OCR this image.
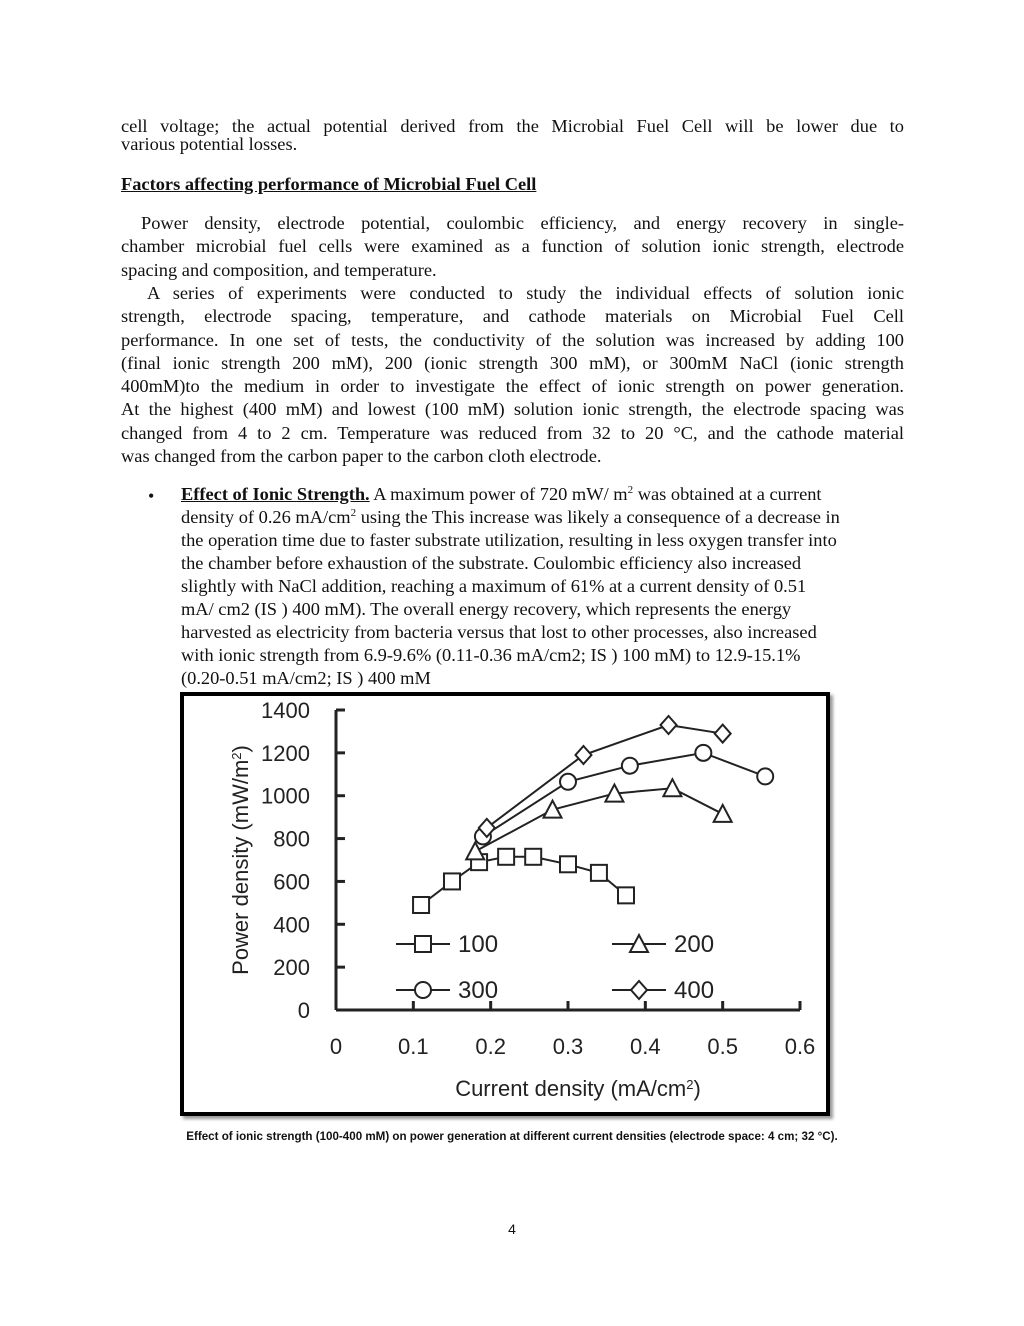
cell voltage; the actual potential derived from the Microbial Fuel Cell will be lower due to
various potential losses.
Factors affecting performance of Microbial Fuel Cell
Power density, electrode potential, coulombic efficiency, and energy recovery in single-
chamber microbial fuel cells were examined as a function of solution ionic strength, electrode
spacing and composition, and temperature.
A series of experiments were conducted to study the individual effects of solution ionic
strength, electrode spacing, temperature, and cathode materials on Microbial Fuel Cell
performance. In one set of tests, the conductivity of the solution was increased by adding 100
(final ionic strength 200 mM), 200 (ionic strength 300 mM), or 300mM NaCl (ionic strength
400mM)to the medium in order to investigate the effect of ionic strength on power generation.
At the highest (400 mM) and lowest (100 mM) solution ionic strength, the electrode spacing was
changed from 4 to 2 cm. Temperature was reduced from 32 to 20 °C, and the cathode material
was changed from the carbon paper to the carbon cloth electrode.
• Effect of Ionic Strength. A maximum power of 720 mW/ $m^2$ was obtained at a current
density of 0.26 $mA/cm^2$ using the This increase was likely a consequence of a decrease in
the operation time due to faster substrate utilization, resulting in less oxygen transfer into
the chamber before exhaustion of the substrate. Coulombic efficiency also increased
slightly with NaCl addition, reaching a maximum of 61% at a current density of 0.51
mA/ cm2 (IS ) 400 mM). The overall energy recovery, which represents the energy
harvested as electricity from bacteria versus that lost to other processes, also increased
with ionic strength from 6.9-9.6% (0.11-0.36 mA/cm2; IS ) 100 mM) to 12.9-15.1%
(0.20-0.51 mA/cm2; IS ) 400 mM
0
200
400
600
800
1000
1200
1400
0	0.1 0.2 0.3 0.4 0.5 0.6
Current density $(mA/cm^2)$
Power density $(mW/m^2)$
100	200
300	400
Effect of ionic strength (100-400 mM) on power generation at different current densities (electrode space: 4 cm; 32 °C).
4
